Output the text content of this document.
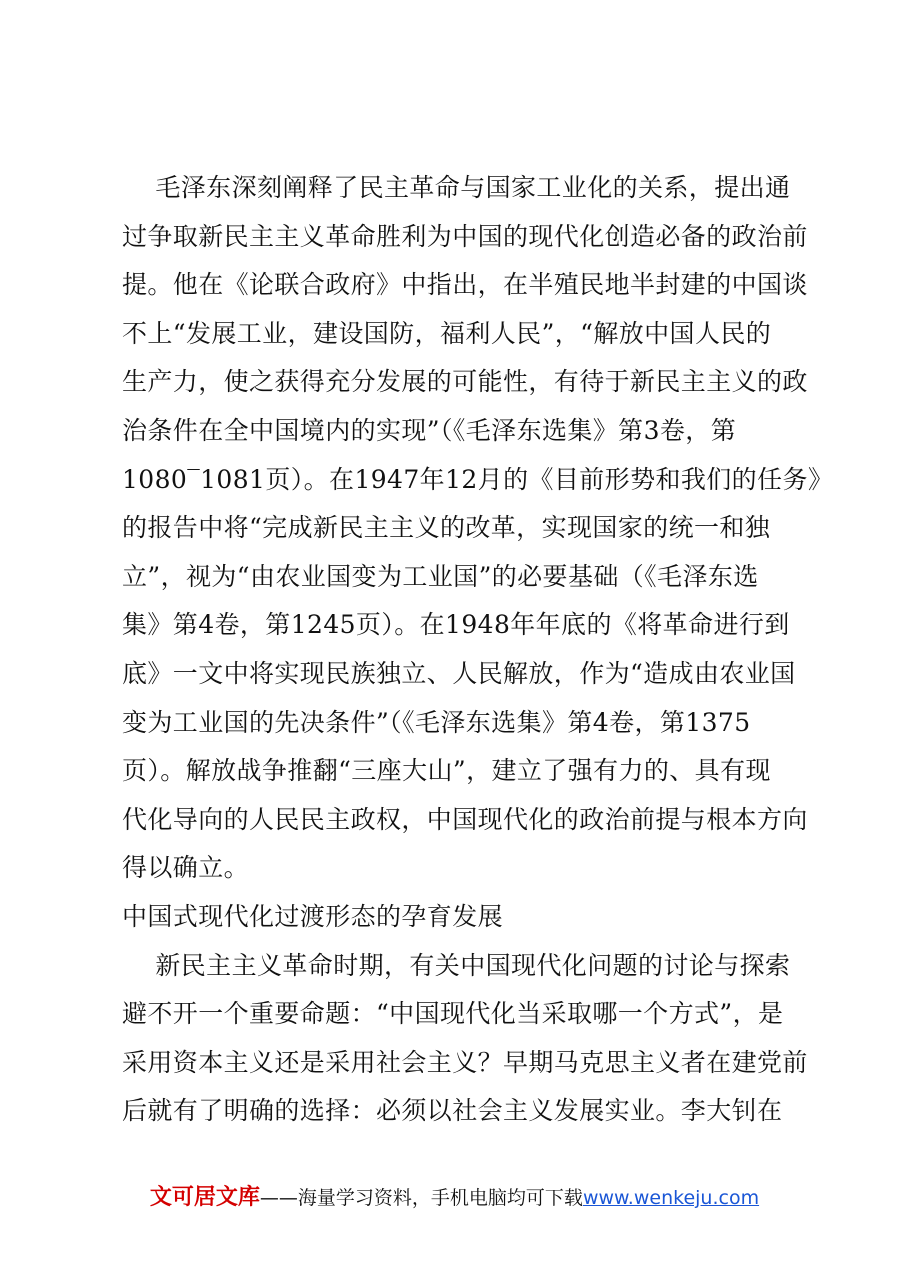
毛泽东深刻阐释了民主革命与国家工业化的关系，提出通
过争取新民主主义革命胜利为中国的现代化创造必备的政治前
提。他在《论联合政府》中指出，在半殖民地半封建的中国谈
不上“发展工业，建设国防，福利人民”，“解放中国人民的
生产力，使之获得充分发展的可能性，有待于新民主主义的政
治条件在全中国境内的实现”（《毛泽东选集》第3卷，第
1080‾1081页）。在1947年12月的《目前形势和我们的任务》
的报告中将“完成新民主主义的改革，实现国家的统一和独
立”，视为“由农业国变为工业国”的必要基础（《毛泽东选
集》第4卷，第1245页）。在1948年年底的《将革命进行到
底》一文中将实现民族独立、人民解放，作为“造成由农业国
变为工业国的先决条件”（《毛泽东选集》第4卷，第1375
页）。解放战争推翻“三座大山”，建立了强有力的、具有现
代化导向的人民民主政权，中国现代化的政治前提与根本方向
得以确立。
中国式现代化过渡形态的孕育发展
新民主主义革命时期，有关中国现代化问题的讨论与探索
避不开一个重要命题：“中国现代化当采取哪一个方式”，是
采用资本主义还是采用社会主义？早期马克思主义者在建党前
后就有了明确的选择：必须以社会主义发展实业。李大钊在
文可居文库——海量学习资料，手机电脑均可下载www.wenkeju.com
